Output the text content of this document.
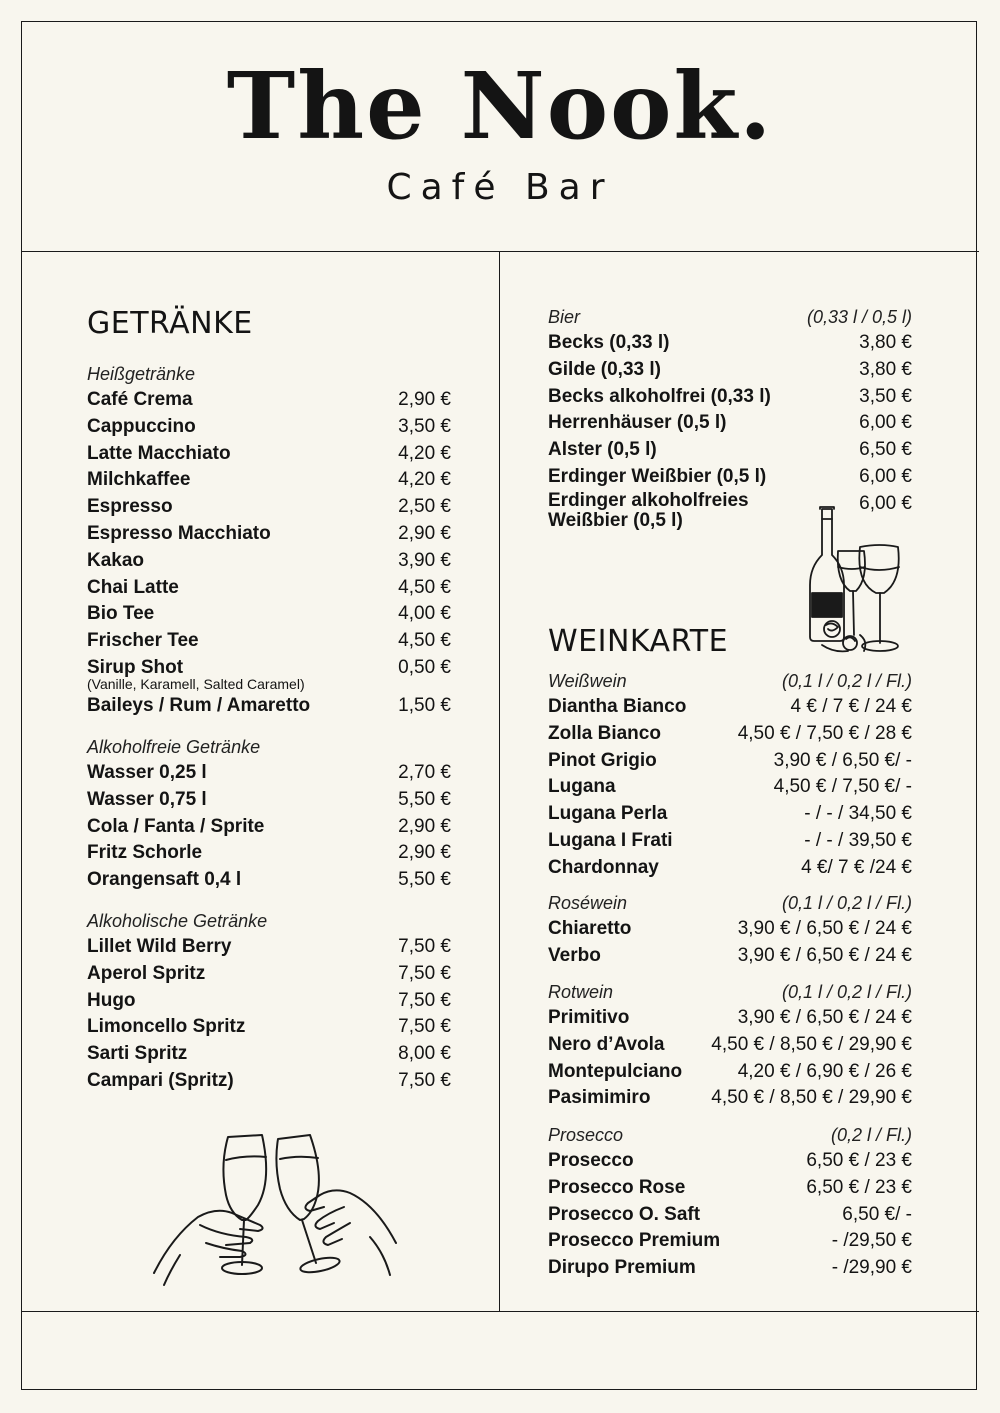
The Nook.
Café Bar
GETRÄNKE
Heißgetränke
Café Crema	2,90 €
Cappuccino	3,50 €
Latte Macchiato	4,20 €
Milchkaffee	4,20 €
Espresso	2,50 €
Espresso Macchiato	2,90 €
Kakao	3,90 €
Chai Latte	4,50 €
Bio Tee	4,00 €
Frischer Tee	4,50 €
Sirup Shot	0,50 €
(Vanille, Karamell, Salted Caramel)
Baileys / Rum / Amaretto	1,50 €
Alkoholfreie Getränke
Wasser 0,25 l	2,70 €
Wasser 0,75 l	5,50 €
Cola / Fanta / Sprite	2,90 €
Fritz Schorle	2,90 €
Orangensaft 0,4 l	5,50 €
Alkoholische Getränke
Lillet Wild Berry	7,50 €
Aperol Spritz	7,50 €
Hugo	7,50 €
Limoncello Spritz	7,50 €
Sarti Spritz	8,00 €
Campari (Spritz)	7,50 €
Bier	(0,33 l / 0,5 l)
Becks (0,33 l)	3,80 €
Gilde (0,33 l)	3,80 €
Becks alkoholfrei (0,33 l)	3,50 €
Herrenhäuser (0,5 l)	6,00 €
Alster (0,5 l)	6,50 €
Erdinger Weißbier (0,5 l)	6,00 €
Erdinger alkoholfreies
Weißbier (0,5 l)
6,00 €
WEINKARTE
Weißwein	(0,1 l / 0,2 l / Fl.)
Diantha Bianco	4 € / 7 € / 24 €
Zolla Bianco	4,50 € / 7,50 € / 28 €
Pinot Grigio	3,90 € / 6,50 €/ -
Lugana	4,50 € / 7,50 €/ -
Lugana Perla	- / - / 34,50 €
Lugana I Frati	- / - / 39,50 €
Chardonnay	4 €/ 7 € /24 €
Roséwein	(0,1 l / 0,2 l / Fl.)
Chiaretto	3,90 € / 6,50 € / 24 €
Verbo	3,90 € / 6,50 € / 24 €
Rotwein	(0,1 l / 0,2 l / Fl.)
Primitivo	3,90 € / 6,50 € / 24 €
Nero d’Avola 4,50 € / 8,50 € / 29,90 €
Montepulciano	4,20 € / 6,90 € / 26 €
Pasimimiro	4,50 € / 8,50 € / 29,90 €
Prosecco	(0,2 l / Fl.)
Prosecco	6,50 € / 23 €
Prosecco Rose	6,50 € / 23 €
Prosecco O. Saft	6,50 €/ -
Prosecco Premium	- /29,50 €
Dirupo Premium	- /29,90 €
